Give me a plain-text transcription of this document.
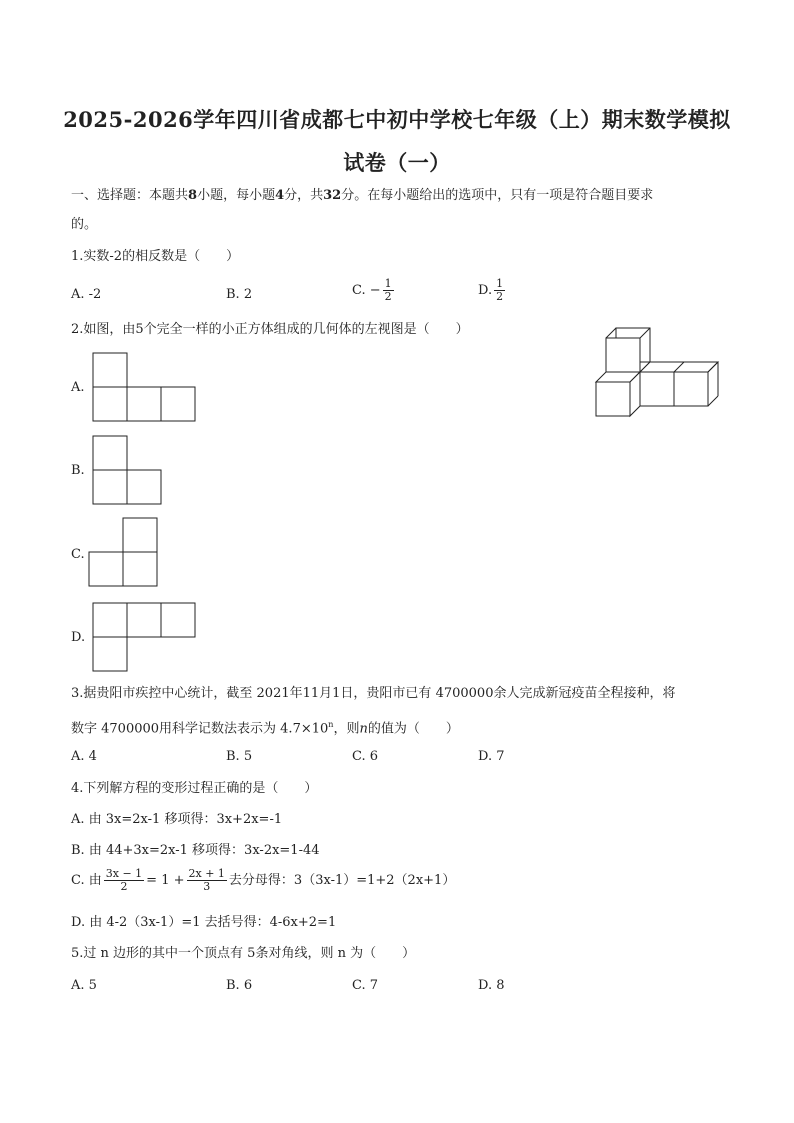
2025-2026学年四川省成都七中初中学校七年级（上）期末数学模拟
试卷（一）
一、选择题：本题共8小题，每小题4分，共32分。在每小题给出的选项中，只有一项是符合题目要求
的。
1.实数-2的相反数是（　　）
A. -2	B. 2	C. − $\frac{1}{2}$	D. $\frac{1}{2}$
2.如图，由5个完全一样的小正方体组成的几何体的左视图是（　　）
A.
B.
C.
D.
3.据贵阳市疾控中心统计，截至 2021年11月1日，贵阳市已有 4700000余人完成新冠疫苗全程接种，将
数字 4700000用科学记数法表示为 $4.7\times 10^n$，则n的值为（　　）
A. 4	B. 5	C. 6	D. 7
4.下列解方程的变形过程正确的是（　　）
A. 由 3x=2x-1 移项得：3x+2x=-1
B. 由 44+3x=2x-1 移项得：3x-2x=1-44
C. 由 $\frac{3x - 1}{2} = 1 + \frac{2x + 1}{3}$ 去分母得：3（3x-1）=1+2（2x+1）
D. 由 4-2（3x-1）=1 去括号得：4-6x+2=1
5.过 n 边形的其中一个顶点有 5条对角线，则 n 为（　　）
A. 5	B. 6	C. 7	D. 8
